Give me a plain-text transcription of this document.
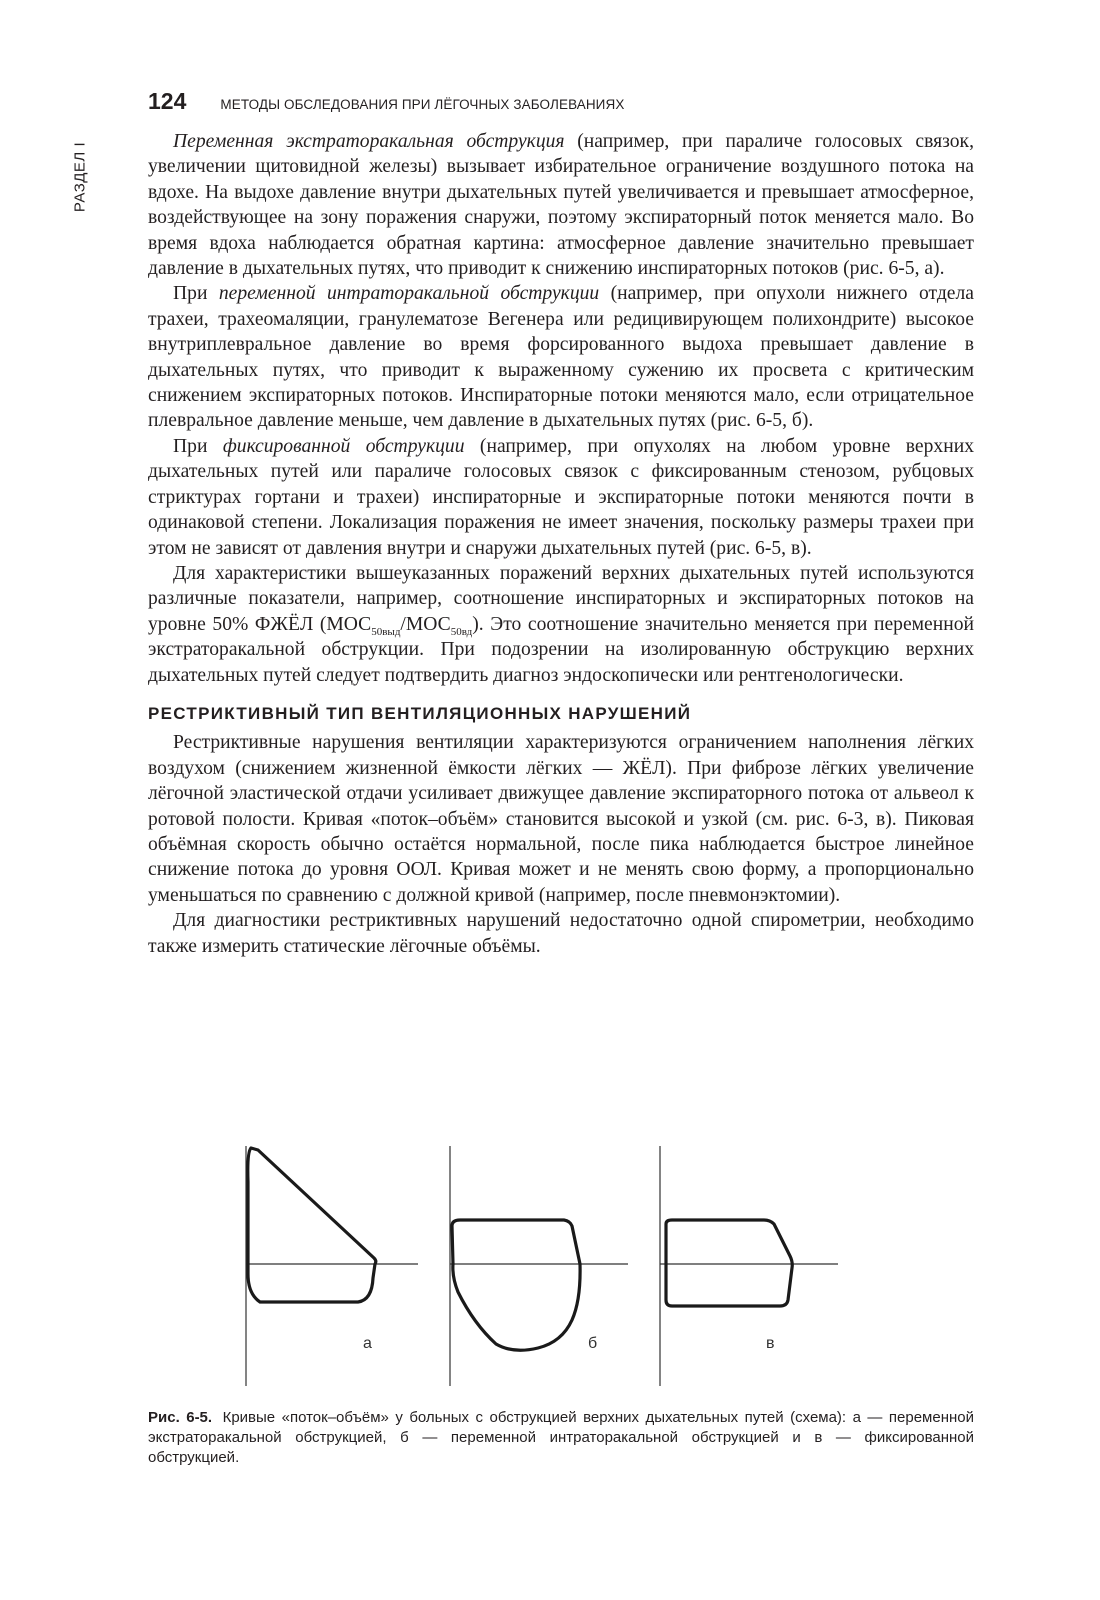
РАЗДЕЛ I
124	МЕТОДЫ ОБСЛЕДОВАНИЯ ПРИ ЛЁГОЧНЫХ ЗАБОЛЕВАНИЯХ

Переменная экстраторакальная обструкция (например, при параличе голосовых связок, увеличении щитовидной железы) вызывает избирательное ограничение воздушного потока на вдохе. На выдохе давление внутри дыхательных путей увеличивается и превышает атмосферное, воздействующее на зону поражения снаружи, поэтому экспираторный поток меняется мало. Во время вдоха наблюдается обратная картина: атмосферное давление значительно превышает давление в дыхательных путях, что приводит к снижению инспираторных потоков (рис. 6-5, а).

При переменной интраторакальной обструкции (например, при опухоли нижнего отдела трахеи, трахеомаляции, гранулематозе Вегенера или редицивирующем полихондрите) высокое внутриплевральное давление во время форсированного выдоха превышает давление в дыхательных путях, что приводит к выраженному сужению их просвета с критическим снижением экспираторных потоков. Инспираторные потоки меняются мало, если отрицательное плевральное давление меньше, чем давление в дыхательных путях (рис. 6-5, б).

При фиксированной обструкции (например, при опухолях на любом уровне верхних дыхательных путей или параличе голосовых связок с фиксированным стенозом, рубцовых стриктурах гортани и трахеи) инспираторные и экспираторные потоки меняются почти в одинаковой степени. Локализация поражения не имеет значения, поскольку размеры трахеи при этом не зависят от давления внутри и снаружи дыхательных путей (рис. 6-5, в).

Для характеристики вышеуказанных поражений верхних дыхательных путей используются различные показатели, например, соотношение инспираторных и экспираторных потоков на уровне 50% ФЖЁЛ $(МОС_{50выд}/МОС_{50вд})$. Это соотношение значительно меняется при переменной экстраторакальной обструкции. При подозрении на изолированную обструкцию верхних дыхательных путей следует подтвердить диагноз эндоскопически или рентгенологически.

РЕСТРИКТИВНЫЙ ТИП ВЕНТИЛЯЦИОННЫХ НАРУШЕНИЙ

Рестриктивные нарушения вентиляции характеризуются ограничением наполнения лёгких воздухом (снижением жизненной ёмкости лёгких — ЖЁЛ). При фиброзе лёгких увеличение лёгочной эластической отдачи усиливает движущее давление экспираторного потока от альвеол к ротовой полости. Кривая «поток–объём» становится высокой и узкой (см. рис. 6-3, в). Пиковая объёмная скорость обычно остаётся нормальной, после пика наблюдается быстрое линейное снижение потока до уровня ООЛ. Кривая может и не менять свою форму, а пропорционально уменьшаться по сравнению с должной кривой (например, после пневмонэктомии).

Для диагностики рестриктивных нарушений недостаточно одной спирометрии, необходимо также измерить статические лёгочные объёмы.

а	б	в
Рис. 6-5. Кривые «поток–объём» у больных с обструкцией верхних дыхательных путей (схема): а — переменной экстраторакальной обструкцией, б — переменной интраторакальной обструкцией и в — фиксированной обструкцией.
